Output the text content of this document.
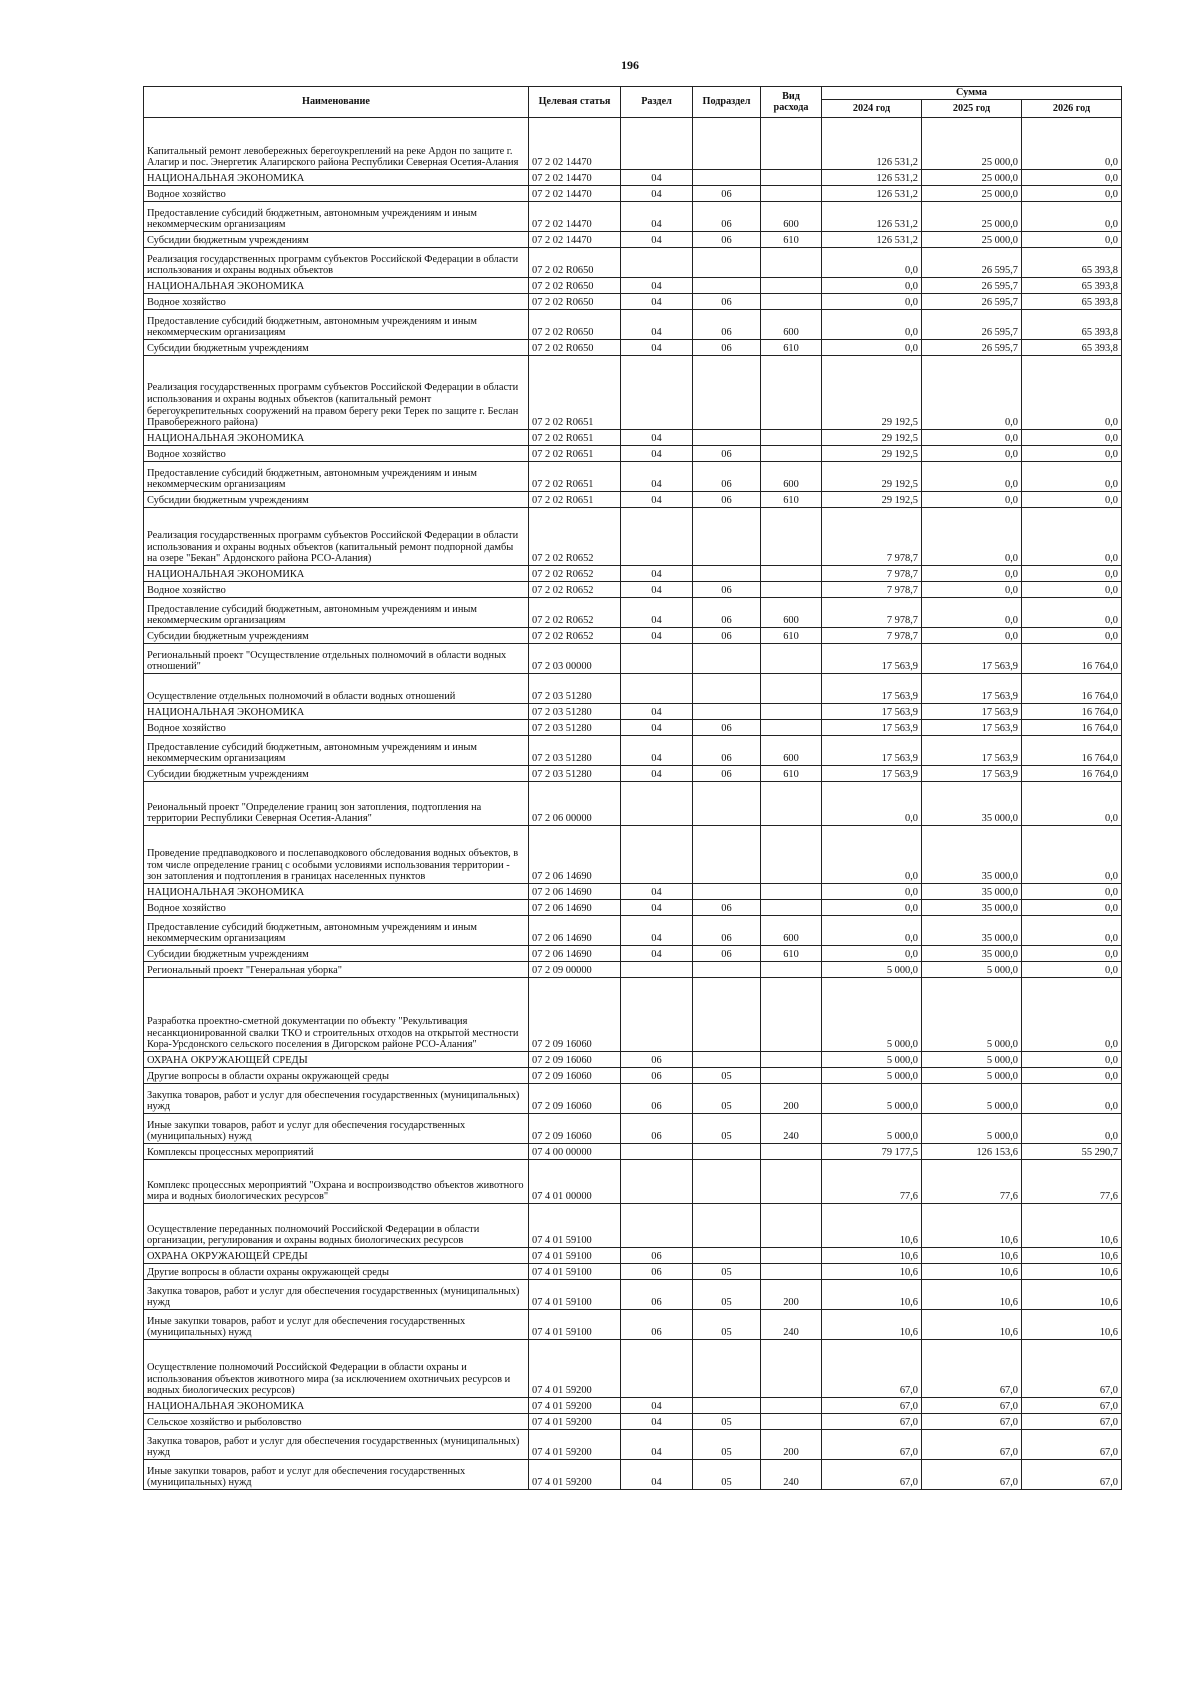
196
Наименование	Целевая статья	Раздел	Подраздел	Вид расхода	Сумма		
					2024 год	2025 год	2026 год
Капитальный ремонт левобережных берегоукреплений на реке Ардон по защите г. Алагир и пос. Энергетик Алагирского района Республики Северная Осетия-Алания	07 2 02 14470				126 531,2	25 000,0	0,0
НАЦИОНАЛЬНАЯ ЭКОНОМИКА	07 2 02 14470	04			126 531,2	25 000,0	0,0
Водное хозяйство	07 2 02 14470	04	06		126 531,2	25 000,0	0,0
Предоставление субсидий бюджетным, автономным учреждениям и иным некоммерческим организациям	07 2 02 14470	04	06	600	126 531,2	25 000,0	0,0
Субсидии бюджетным учреждениям	07 2 02 14470	04	06	610	126 531,2	25 000,0	0,0
Реализация государственных программ субъектов Российской Федерации в области использования и охраны водных объектов	07 2 02 R0650				0,0	26 595,7	65 393,8
НАЦИОНАЛЬНАЯ ЭКОНОМИКА	07 2 02 R0650	04			0,0	26 595,7	65 393,8
Водное хозяйство	07 2 02 R0650	04	06		0,0	26 595,7	65 393,8
Предоставление субсидий бюджетным, автономным учреждениям и иным некоммерческим организациям	07 2 02 R0650	04	06	600	0,0	26 595,7	65 393,8
Субсидии бюджетным учреждениям	07 2 02 R0650	04	06	610	0,0	26 595,7	65 393,8
Реализация государственных программ субъектов Российской Федерации в области использования и охраны водных объектов (капитальный ремонт берегоукрепительных сооружений на правом берегу реки Терек по защите г. Беслан Правобережного района)	07 2 02 R0651				29 192,5	0,0	0,0
НАЦИОНАЛЬНАЯ ЭКОНОМИКА	07 2 02 R0651	04			29 192,5	0,0	0,0
Водное хозяйство	07 2 02 R0651	04	06		29 192,5	0,0	0,0
Предоставление субсидий бюджетным, автономным учреждениям и иным некоммерческим организациям	07 2 02 R0651	04	06	600	29 192,5	0,0	0,0
Субсидии бюджетным учреждениям	07 2 02 R0651	04	06	610	29 192,5	0,0	0,0
Реализация государственных программ субъектов Российской Федерации в области использования и охраны водных объектов (капитальный ремонт подпорной дамбы на озере "Бекан" Ардонского района РСО-Алания)	07 2 02 R0652				7 978,7	0,0	0,0
НАЦИОНАЛЬНАЯ ЭКОНОМИКА	07 2 02 R0652	04			7 978,7	0,0	0,0
Водное хозяйство	07 2 02 R0652	04	06		7 978,7	0,0	0,0
Предоставление субсидий бюджетным, автономным учреждениям и иным некоммерческим организациям	07 2 02 R0652	04	06	600	7 978,7	0,0	0,0
Субсидии бюджетным учреждениям	07 2 02 R0652	04	06	610	7 978,7	0,0	0,0
Региональный проект "Осуществление отдельных полномочий в области водных отношений"	07 2 03 00000				17 563,9	17 563,9	16 764,0
Осуществление отдельных полномочий в области водных отношений	07 2 03 51280				17 563,9	17 563,9	16 764,0
НАЦИОНАЛЬНАЯ ЭКОНОМИКА	07 2 03 51280	04			17 563,9	17 563,9	16 764,0
Водное хозяйство	07 2 03 51280	04	06		17 563,9	17 563,9	16 764,0
Предоставление субсидий бюджетным, автономным учреждениям и иным некоммерческим организациям	07 2 03 51280	04	06	600	17 563,9	17 563,9	16 764,0
Субсидии бюджетным учреждениям	07 2 03 51280	04	06	610	17 563,9	17 563,9	16 764,0
Реиональный проект "Определение границ зон затопления, подтопления на территории Республики Северная Осетия-Алания"	07 2 06 00000				0,0	35 000,0	0,0
Проведение предпаводкового и послепаводкового обследования водных объектов, в том числе определение границ с особыми условиями использования территории - зон затопления и подтопления в границах населенных пунктов	07 2 06 14690				0,0	35 000,0	0,0
НАЦИОНАЛЬНАЯ ЭКОНОМИКА	07 2 06 14690	04			0,0	35 000,0	0,0
Водное хозяйство	07 2 06 14690	04	06		0,0	35 000,0	0,0
Предоставление субсидий бюджетным, автономным учреждениям и иным некоммерческим организациям	07 2 06 14690	04	06	600	0,0	35 000,0	0,0
Субсидии бюджетным учреждениям	07 2 06 14690	04	06	610	0,0	35 000,0	0,0
Региональный проект "Генеральная уборка"	07 2 09 00000				5 000,0	5 000,0	0,0
Разработка проектно-сметной документации по объекту "Рекультивация несанкционированной свалки ТКО и строительных отходов на открытой местности Кора-Урсдонского сельского поселения в Дигорском районе РСО-Алания"	07 2 09 16060				5 000,0	5 000,0	0,0
ОХРАНА ОКРУЖАЮЩЕЙ СРЕДЫ	07 2 09 16060	06			5 000,0	5 000,0	0,0
Другие вопросы в области охраны окружающей среды	07 2 09 16060	06	05		5 000,0	5 000,0	0,0
Закупка товаров, работ и услуг для обеспечения государственных (муниципальных) нужд	07 2 09 16060	06	05	200	5 000,0	5 000,0	0,0
Иные закупки товаров, работ и услуг для обеспечения государственных (муниципальных) нужд	07 2 09 16060	06	05	240	5 000,0	5 000,0	0,0
Комплексы процессных мероприятий	07 4 00 00000				79 177,5	126 153,6	55 290,7
Комплекс процессных мероприятий "Охрана и воспроизводство объектов животного мира и водных биологических ресурсов"	07 4 01 00000				77,6	77,6	77,6
Осуществление переданных полномочий Российской Федерации в области организации, регулирования и охраны водных биологических ресурсов	07 4 01 59100				10,6	10,6	10,6
ОХРАНА ОКРУЖАЮЩЕЙ СРЕДЫ	07 4 01 59100	06			10,6	10,6	10,6
Другие вопросы в области охраны окружающей среды	07 4 01 59100	06	05		10,6	10,6	10,6
Закупка товаров, работ и услуг для обеспечения государственных (муниципальных) нужд	07 4 01 59100	06	05	200	10,6	10,6	10,6
Иные закупки товаров, работ и услуг для обеспечения государственных (муниципальных) нужд	07 4 01 59100	06	05	240	10,6	10,6	10,6
Осуществление полномочий Российской Федерации в области охраны и использования объектов животного мира (за исключением охотничьих ресурсов и водных биологических ресурсов)	07 4 01 59200				67,0	67,0	67,0
НАЦИОНАЛЬНАЯ ЭКОНОМИКА	07 4 01 59200	04			67,0	67,0	67,0
Сельское хозяйство и рыболовство	07 4 01 59200	04	05		67,0	67,0	67,0
Закупка товаров, работ и услуг для обеспечения государственных (муниципальных) нужд	07 4 01 59200	04	05	200	67,0	67,0	67,0
Иные закупки товаров, работ и услуг для обеспечения государственных (муниципальных) нужд	07 4 01 59200	04	05	240	67,0	67,0	67,0
